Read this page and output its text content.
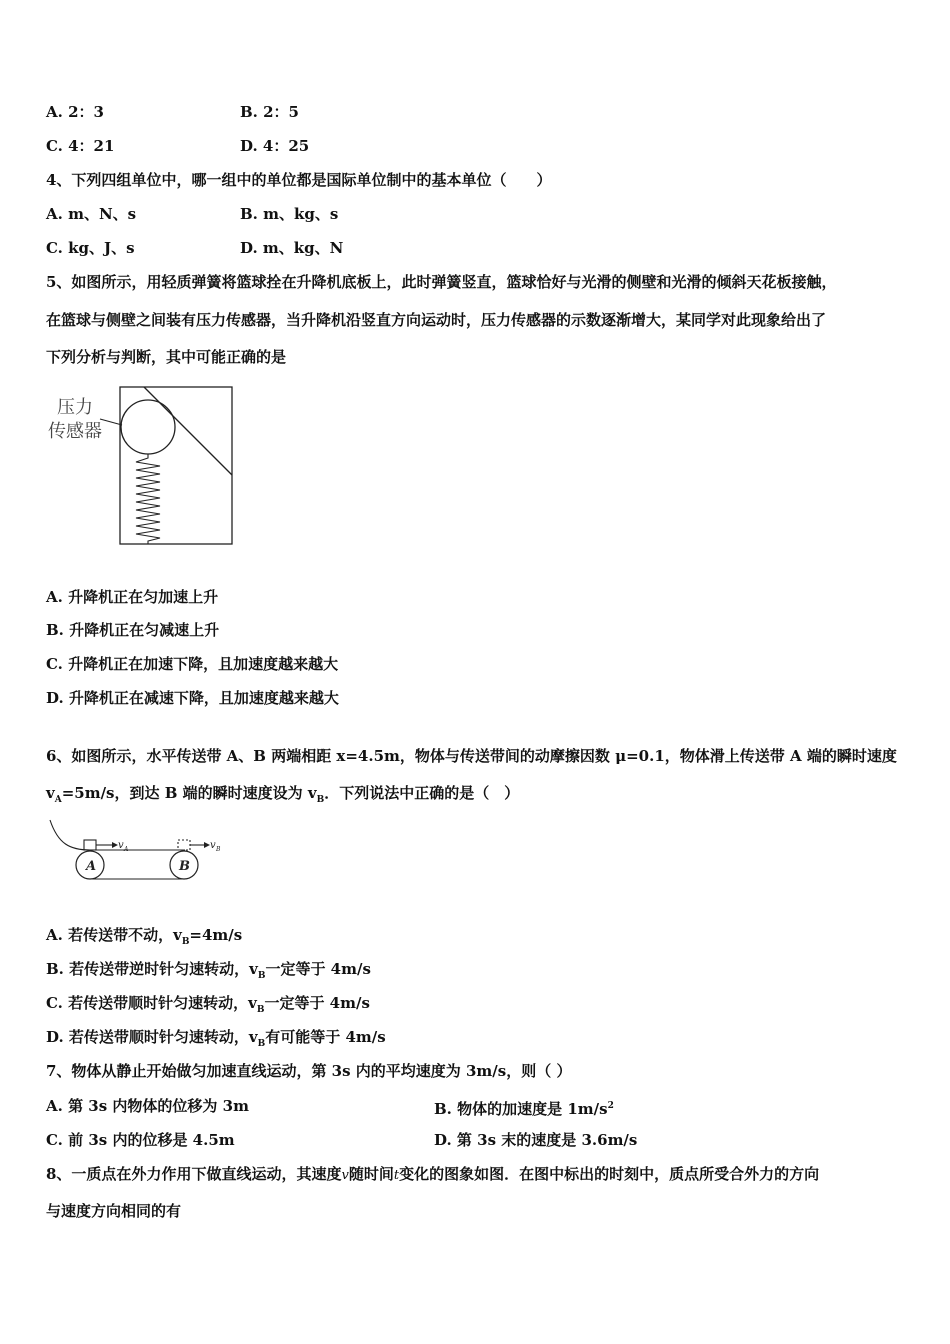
A. 2：3	B. 2：5
C. 4：21	D. 4：25
4、下列四组单位中，哪一组中的单位都是国际单位制中的基本单位（　　）
A. m、N、s	B. m、kg、s
C. kg、J、s	D. m、kg、N
5、如图所示，用轻质弹簧将篮球拴在升降机底板上，此时弹簧竖直，篮球恰好与光滑的侧壁和光滑的倾斜天花板接触，
在篮球与侧壁之间装有压力传感器，当升降机沿竖直方向运动时，压力传感器的示数逐渐增大，某同学对此现象给出了
下列分析与判断，其中可能正确的是
压力
传感器
A. 升降机正在匀加速上升
B. 升降机正在匀减速上升
C. 升降机正在加速下降，且加速度越来越大
D. 升降机正在减速下降，且加速度越来越大
6、如图所示，水平传送带 A、B 两端相距 x=4.5m，物体与传送带间的动摩擦因数 μ=0.1，物体滑上传送带 A 端的瞬时速度
$v_A=5m/s$，到达 B 端的瞬时速度设为 $v_B$．下列说法中正确的是（　）
A	B
v A	v B
A. 若传送带不动，$v_B=4m/s$
B. 若传送带逆时针匀速转动，$v_B$一定等于 4m/s
C. 若传送带顺时针匀速转动，$v_B$一定等于 4m/s
D. 若传送带顺时针匀速转动，$v_B$有可能等于 4m/s
7、物体从静止开始做匀加速直线运动，第 3s 内的平均速度为 3m/s，则（ ）
A. 第 3s 内物体的位移为 3m	B. 物体的加速度是 $1m/s^2$
C. 前 3s 内的位移是 4.5m	D. 第 3s 末的速度是 3.6m/s
8、一质点在外力作用下做直线运动，其速度v随时间t变化的图象如图．在图中标出的时刻中，质点所受合外力的方向
与速度方向相同的有
